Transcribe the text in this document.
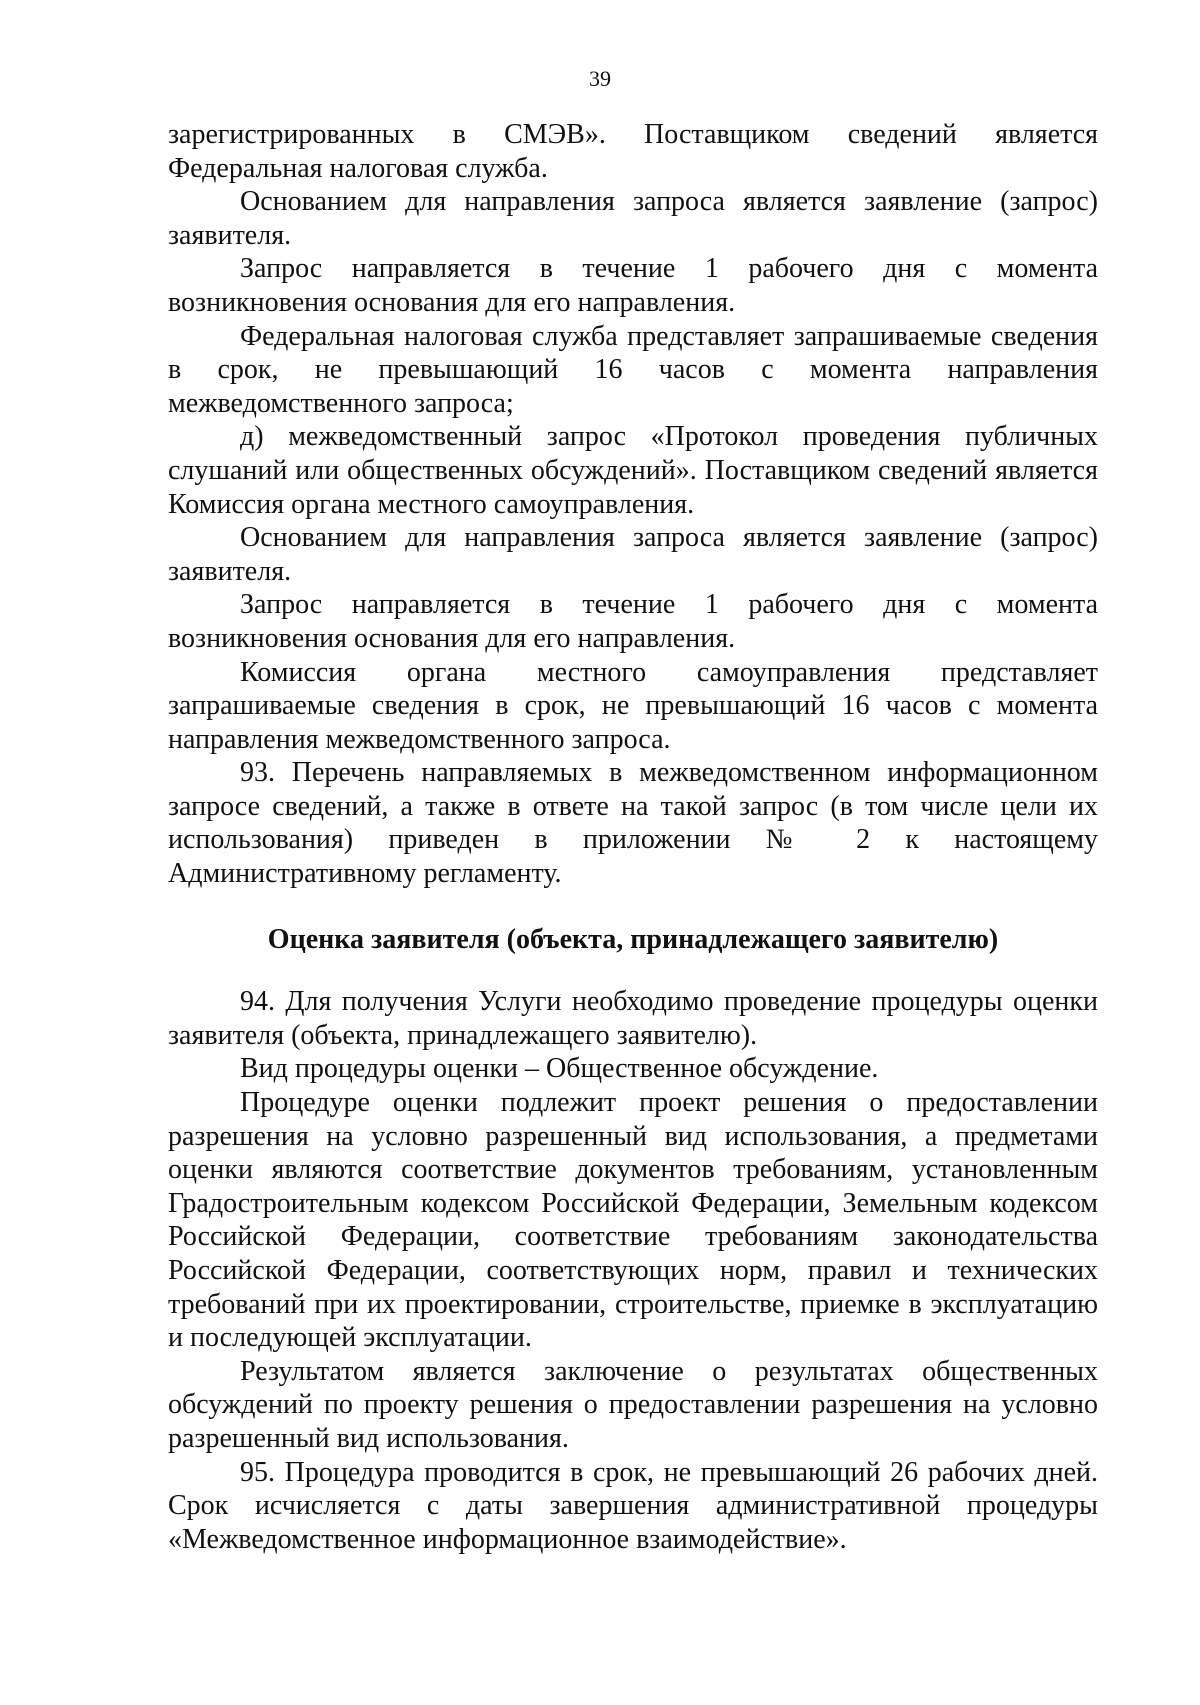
39

зарегистрированных в СМЭВ». Поставщиком сведений является Федеральная налоговая служба.

Основанием для направления запроса является заявление (запрос) заявителя.

Запрос направляется в течение 1 рабочего дня с момента возникновения основания для его направления.

Федеральная налоговая служба представляет запрашиваемые сведения в срок, не превышающий 16 часов с момента направления межведомственного запроса;

д) межведомственный запрос «Протокол проведения публичных слушаний или общественных обсуждений». Поставщиком сведений является Комиссия органа местного самоуправления.

Основанием для направления запроса является заявление (запрос) заявителя.

Запрос направляется в течение 1 рабочего дня с момента возникновения основания для его направления.

Комиссия органа местного самоуправления представляет запрашиваемые сведения в срок, не превышающий 16 часов с момента направления межведомственного запроса.

93. Перечень направляемых в межведомственном информационном запросе сведений, а также в ответе на такой запрос (в том числе цели их использования) приведен в приложении № 2 к настоящему Административному регламенту.

Оценка заявителя (объекта, принадлежащего заявителю)

94. Для получения Услуги необходимо проведение процедуры оценки заявителя (объекта, принадлежащего заявителю).

Вид процедуры оценки – Общественное обсуждение.

Процедуре оценки подлежит проект решения о предоставлении разрешения на условно разрешенный вид использования, а предметами оценки являются соответствие документов требованиям, установленным Градостроительным кодексом Российской Федерации, Земельным кодексом Российской Федерации, соответствие требованиям законодательства Российской Федерации, соответствующих норм, правил и технических требований при их проектировании, строительстве, приемке в эксплуатацию и последующей эксплуатации.

Результатом является заключение о результатах общественных обсуждений по проекту решения о предоставлении разрешения на условно разрешенный вид использования.

95. Процедура проводится в срок, не превышающий 26 рабочих дней. Срок исчисляется с даты завершения административной процедуры «Межведомственное информационное взаимодействие».
